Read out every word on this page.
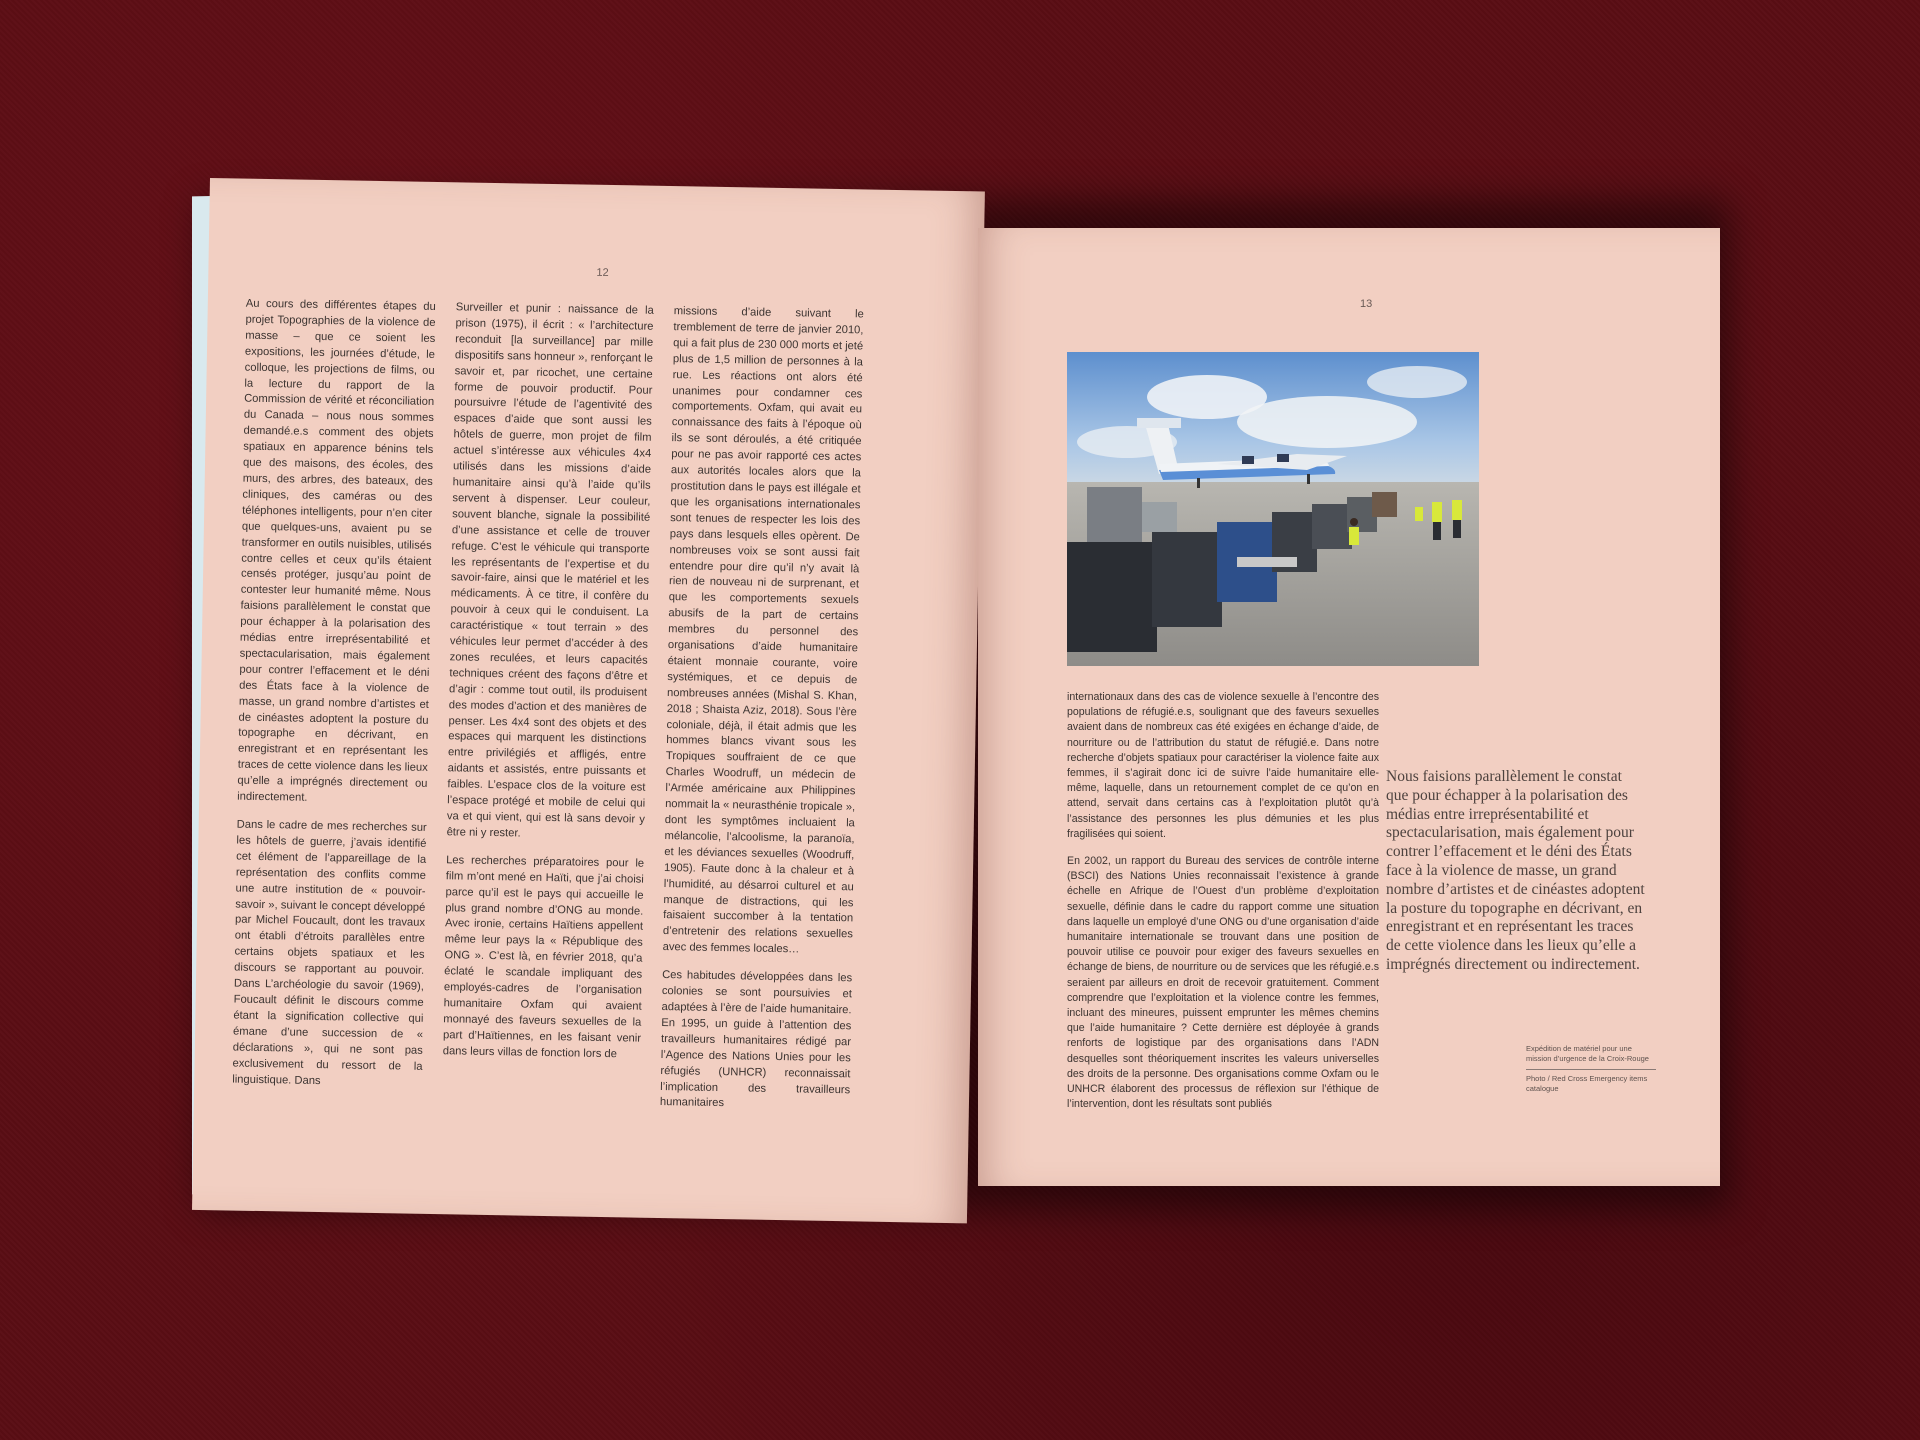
12

Au cours des différentes étapes du projet Topographies de la violence de masse – que ce soient les expositions, les journées d’étude, le colloque, les projections de films, ou la lecture du rapport de la Commission de vérité et réconciliation du Canada – nous nous sommes demandé.e.s comment des objets spatiaux en apparence bénins tels que des maisons, des écoles, des murs, des arbres, des bateaux, des cliniques, des caméras ou des téléphones intelligents, pour n’en citer que quelques-uns, avaient pu se transformer en outils nuisibles, utilisés contre celles et ceux qu’ils étaient censés protéger, jusqu’au point de contester leur humanité même. Nous faisions parallèlement le constat que pour échapper à la polarisation des médias entre irreprésentabilité et spectacularisation, mais également pour contrer l’effacement et le déni des États face à la violence de masse, un grand nombre d’artistes et de cinéastes adoptent la posture du topographe en décrivant, en enregistrant et en représentant les traces de cette violence dans les lieux qu’elle a imprégnés directement ou indirectement.

Dans le cadre de mes recherches sur les hôtels de guerre, j’avais identifié cet élément de l’appareillage de la représentation des conflits comme une autre institution de « pouvoir-savoir », suivant le concept développé par Michel Foucault, dont les travaux ont établi d’étroits parallèles entre certains objets spatiaux et les discours se rapportant au pouvoir. Dans L’archéologie du savoir (1969), Foucault définit le discours comme étant la signification collective qui émane d’une succession de « déclarations », qui ne sont pas exclusivement du ressort de la linguistique. Dans

Surveiller et punir : naissance de la prison (1975), il écrit : « l’architecture reconduit [la surveillance] par mille dispositifs sans honneur », renforçant le savoir et, par ricochet, une certaine forme de pouvoir productif. Pour poursuivre l’étude de l’agentivité des espaces d’aide que sont aussi les hôtels de guerre, mon projet de film actuel s’intéresse aux véhicules 4x4 utilisés dans les missions d’aide humanitaire ainsi qu’à l’aide qu’ils servent à dispenser. Leur couleur, souvent blanche, signale la possibilité d’une assistance et celle de trouver refuge. C’est le véhicule qui transporte les représentants de l’expertise et du savoir-faire, ainsi que le matériel et les médicaments. À ce titre, il confère du pouvoir à ceux qui le conduisent. La caractéristique « tout terrain » des véhicules leur permet d’accéder à des zones reculées, et leurs capacités techniques créent des façons d’être et d’agir : comme tout outil, ils produisent des modes d’action et des manières de penser. Les 4x4 sont des objets et des espaces qui marquent les distinctions entre privilégiés et affligés, entre aidants et assistés, entre puissants et faibles. L’espace clos de la voiture est l’espace protégé et mobile de celui qui va et qui vient, qui est là sans devoir y être ni y rester.

Les recherches préparatoires pour le film m’ont mené en Haïti, que j’ai choisi parce qu’il est le pays qui accueille le plus grand nombre d’ONG au monde. Avec ironie, certains Haïtiens appellent même leur pays la « République des ONG ». C’est là, en février 2018, qu’a éclaté le scandale impliquant des employés-cadres de l’organisation humanitaire Oxfam qui avaient monnayé des faveurs sexuelles de la part d’Haïtiennes, en les faisant venir dans leurs villas de fonction lors de

missions d’aide suivant le tremblement de terre de janvier 2010, qui a fait plus de 230 000 morts et jeté plus de 1,5 million de personnes à la rue. Les réactions ont alors été unanimes pour condamner ces comportements. Oxfam, qui avait eu connaissance des faits à l’époque où ils se sont déroulés, a été critiquée pour ne pas avoir rapporté ces actes aux autorités locales alors que la prostitution dans le pays est illégale et que les organisations internationales sont tenues de respecter les lois des pays dans lesquels elles opèrent. De nombreuses voix se sont aussi fait entendre pour dire qu’il n’y avait là rien de nouveau ni de surprenant, et que les comportements sexuels abusifs de la part de certains membres du personnel des organisations d’aide humanitaire étaient monnaie courante, voire systémiques, et ce depuis de nombreuses années (Mishal S. Khan, 2018 ; Shaista Aziz, 2018). Sous l’ère coloniale, déjà, il était admis que les hommes blancs vivant sous les Tropiques souffraient de ce que Charles Woodruff, un médecin de l’Armée américaine aux Philippines nommait la « neurasthénie tropicale », dont les symptômes incluaient la mélancolie, l’alcoolisme, la paranoïa, et les déviances sexuelles (Woodruff, 1905). Faute donc à la chaleur et à l’humidité, au désarroi culturel et au manque de distractions, qui les faisaient succomber à la tentation d’entretenir des relations sexuelles avec des femmes locales…

Ces habitudes développées dans les colonies se sont poursuivies et adaptées à l’ère de l’aide humanitaire. En 1995, un guide à l’attention des travailleurs humanitaires rédigé par l’Agence des Nations Unies pour les réfugiés (UNHCR) reconnaissait l’implication des travailleurs humanitaires

13

internationaux dans des cas de violence sexuelle à l’encontre des populations de réfugié.e.s, soulignant que des faveurs sexuelles avaient dans de nombreux cas été exigées en échange d’aide, de nourriture ou de l’attribution du statut de réfugié.e. Dans notre recherche d’objets spatiaux pour caractériser la violence faite aux femmes, il s’agirait donc ici de suivre l’aide humanitaire elle-même, laquelle, dans un retournement complet de ce qu’on en attend, servait dans certains cas à l’exploitation plutôt qu’à l’assistance des personnes les plus démunies et les plus fragilisées qui soient.

En 2002, un rapport du Bureau des services de contrôle interne (BSCI) des Nations Unies reconnaissait l’existence à grande échelle en Afrique de l’Ouest d’un problème d’exploitation sexuelle, définie dans le cadre du rapport comme une situation dans laquelle un employé d’une ONG ou d’une organisation d’aide humanitaire internationale se trouvant dans une position de pouvoir utilise ce pouvoir pour exiger des faveurs sexuelles en échange de biens, de nourriture ou de services que les réfugié.e.s seraient par ailleurs en droit de recevoir gratuitement. Comment comprendre que l’exploitation et la violence contre les femmes, incluant des mineures, puissent emprunter les mêmes chemins que l’aide humanitaire ? Cette dernière est déployée à grands renforts de logistique par des organisations dans l’ADN desquelles sont théoriquement inscrites les valeurs universelles des droits de la personne. Des organisations comme Oxfam ou le UNHCR élaborent des processus de réflexion sur l’éthique de l’intervention, dont les résultats sont publiés

Nous faisions parallèlement le constat que pour échapper à la polarisation des médias entre irreprésentabilité et spectacularisation, mais également pour contrer l’effacement et le déni des États face à la violence de masse, un grand nombre d’artistes et de cinéastes adoptent la posture du topographe en décrivant, en enregistrant et en représentant les traces de cette violence dans les lieux qu’elle a imprégnés directement ou indirectement.
Expédition de matériel pour une mission d’urgence de la Croix-Rouge
Photo / Red Cross Emergency items catalogue
